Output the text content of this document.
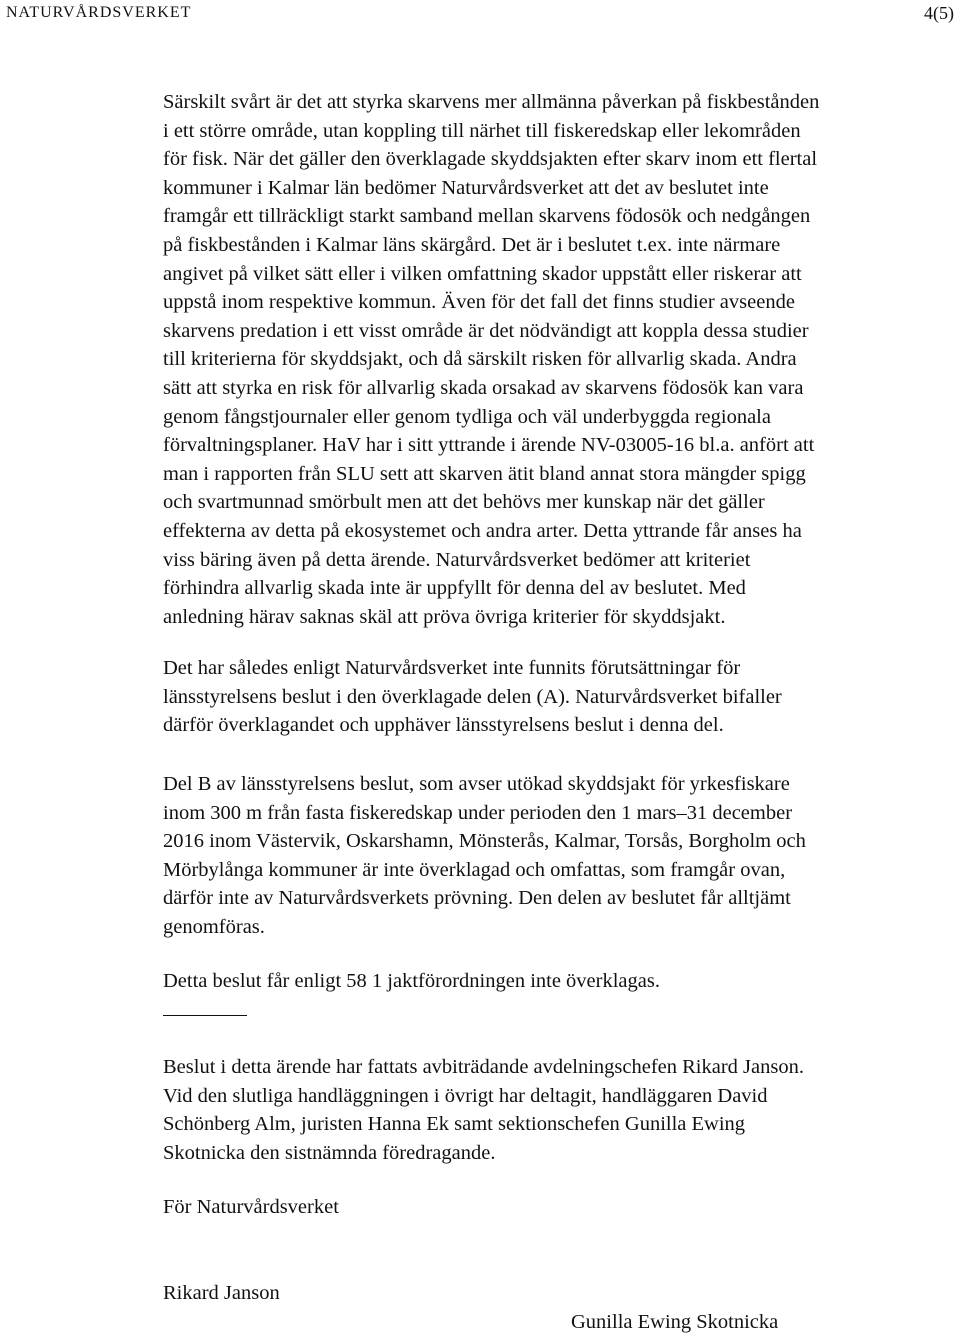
NATURVÅRDSVERKET	4(5)

Särskilt svårt är det att styrka skarvens mer allmänna påverkan på fiskbestånden
i ett större område, utan koppling till närhet till fiskeredskap eller lekområden
för fisk. När det gäller den överklagade skyddsjakten efter skarv inom ett flertal
kommuner i Kalmar län bedömer Naturvårdsverket att det av beslutet inte
framgår ett tillräckligt starkt samband mellan skarvens födosök och nedgången
på fiskbestånden i Kalmar läns skärgård. Det är i beslutet t.ex. inte närmare
angivet på vilket sätt eller i vilken omfattning skador uppstått eller riskerar att
uppstå inom respektive kommun. Även för det fall det finns studier avseende
skarvens predation i ett visst område är det nödvändigt att koppla dessa studier
till kriterierna för skyddsjakt, och då särskilt risken för allvarlig skada. Andra
sätt att styrka en risk för allvarlig skada orsakad av skarvens födosök kan vara
genom fångstjournaler eller genom tydliga och väl underbyggda regionala
förvaltningsplaner. HaV har i sitt yttrande i ärende NV-03005-16 bl.a. anfört att
man i rapporten från SLU sett att skarven ätit bland annat stora mängder spigg
och svartmunnad smörbult men att det behövs mer kunskap när det gäller
effekterna av detta på ekosystemet och andra arter. Detta yttrande får anses ha
viss bäring även på detta ärende. Naturvårdsverket bedömer att kriteriet
förhindra allvarlig skada inte är uppfyllt för denna del av beslutet. Med
anledning härav saknas skäl att pröva övriga kriterier för skyddsjakt.

Det har således enligt Naturvårdsverket inte funnits förutsättningar för
länsstyrelsens beslut i den överklagade delen (A). Naturvårdsverket bifaller
därför överklagandet och upphäver länsstyrelsens beslut i denna del.

Del B av länsstyrelsens beslut, som avser utökad skyddsjakt för yrkesfiskare
inom 300 m från fasta fiskeredskap under perioden den 1 mars–31 december
2016 inom Västervik, Oskarshamn, Mönsterås, Kalmar, Torsås, Borgholm och
Mörbylånga kommuner är inte överklagad och omfattas, som framgår ovan,
därför inte av Naturvårdsverkets prövning. Den delen av beslutet får alltjämt
genomföras.

Detta beslut får enligt 58 1 jaktförordningen inte överklagas.

Beslut i detta ärende har fattats avbiträdande avdelningschefen Rikard Janson.
Vid den slutliga handläggningen i övrigt har deltagit, handläggaren David
Schönberg Alm, juristen Hanna Ek samt sektionschefen Gunilla Ewing
Skotnicka den sistnämnda föredragande.

För Naturvårdsverket

Rikard Janson

Gunilla Ewing Skotnicka
